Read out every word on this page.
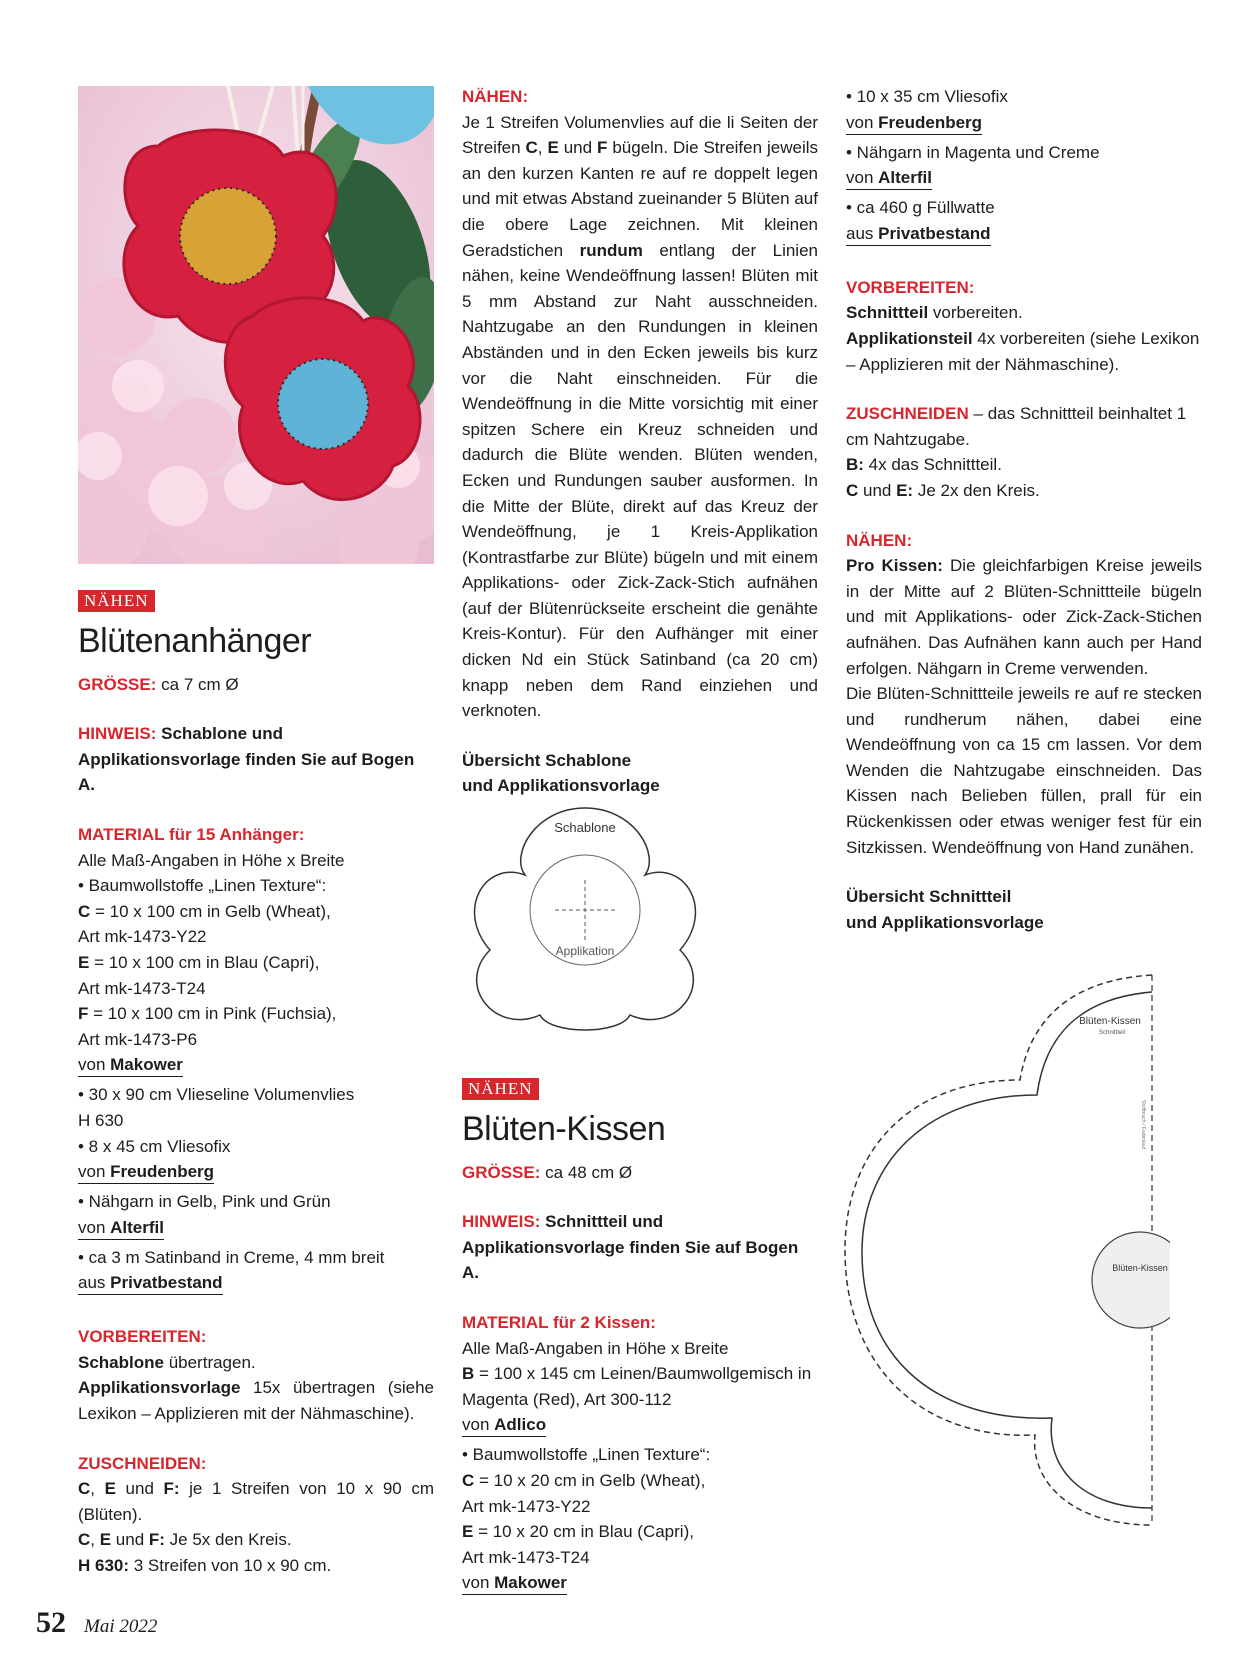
NÄHEN
Blütenanhänger

GRÖSSE: ca 7 cm Ø

HINWEIS: Schablone und Applikationsvorlage finden Sie auf Bogen A.

MATERIAL für 15 Anhänger:

Alle Maß-Angaben in Höhe x Breite

• Baumwollstoffe „Linen Texture“:

C = 10 x 100 cm in Gelb (Wheat),

Art mk-1473-Y22

E = 10 x 100 cm in Blau (Capri),

Art mk-1473-T24

F = 10 x 100 cm in Pink (Fuchsia),

Art mk-1473-P6

von Makower

• 30 x 90 cm Vlieseline Volumenvlies

H 630

• 8 x 45 cm Vliesofix

von Freudenberg

• Nähgarn in Gelb, Pink und Grün

von Alterfil

• ca 3 m Satinband in Creme, 4 mm breit

aus Privatbestand

VORBEREITEN:

Schablone übertragen.

Applikationsvorlage 15x übertragen (siehe Lexikon – Applizieren mit der Nähmaschine).

ZUSCHNEIDEN:

C, E und F: je 1 Streifen von 10 x 90 cm (Blüten).

C, E und F: Je 5x den Kreis.

H 630: 3 Streifen von 10 x 90 cm.

NÄHEN:

Je 1 Streifen Volumenvlies auf die li Seiten der Streifen C, E und F bügeln. Die Streifen jeweils an den kurzen Kanten re auf re doppelt legen und mit etwas Abstand zueinander 5 Blüten auf die obere Lage zeichnen. Mit kleinen Geradstichen rundum entlang der Linien nähen, keine Wendeöffnung lassen! Blüten mit 5 mm Abstand zur Naht ausschneiden. Nahtzugabe an den Rundungen in kleinen Abständen und in den Ecken jeweils bis kurz vor die Naht einschneiden. Für die Wendeöffnung in die Mitte vorsichtig mit einer spitzen Schere ein Kreuz schneiden und dadurch die Blüte wenden. Blüten wenden, Ecken und Rundungen sauber ausformen. In die Mitte der Blüte, direkt auf das Kreuz der Wendeöffnung, je 1 Kreis-Applikation (Kontrastfarbe zur Blüte) bügeln und mit einem Applikations- oder Zick-Zack-Stich aufnähen (auf der Blütenrückseite erscheint die genähte Kreis-Kontur). Für den Aufhänger mit einer dicken Nd ein Stück Satinband (ca 20 cm) knapp neben dem Rand einziehen und verknoten.

Übersicht Schablone

und Applikationsvorlage

Schablone
Applikation
NÄHEN
Blüten-Kissen

GRÖSSE: ca 48 cm Ø

HINWEIS: Schnittteil und Applikationsvorlage finden Sie auf Bogen A.

MATERIAL für 2 Kissen:

Alle Maß-Angaben in Höhe x Breite

B = 100 x 145 cm Leinen/Baumwollgemisch in Magenta (Red), Art 300-112

von Adlico

• Baumwollstoffe „Linen Texture“:

C = 10 x 20 cm in Gelb (Wheat),

Art mk-1473-Y22

E = 10 x 20 cm in Blau (Capri),

Art mk-1473-T24

von Makower

• 10 x 35 cm Vliesofix

von Freudenberg

• Nähgarn in Magenta und Creme

von Alterfil

• ca 460 g Füllwatte

aus Privatbestand

VORBEREITEN:

Schnittteil vorbereiten.

Applikationsteil 4x vorbereiten (siehe Lexikon – Applizieren mit der Nähmaschine).

ZUSCHNEIDEN – das Schnittteil beinhaltet 1 cm Nahtzugabe.

B: 4x das Schnittteil.

C und E: Je 2x den Kreis.

NÄHEN:

Pro Kissen: Die gleichfarbigen Kreise jeweils in der Mitte auf 2 Blüten-Schnittteile bügeln und mit Applikations- oder Zick-Zack-Stichen aufnähen. Das Aufnähen kann auch per Hand erfolgen. Nähgarn in Creme verwenden.

Die Blüten-Schnittteile jeweils re auf re stecken und rundherum nähen, dabei eine Wendeöffnung von ca 15 cm lassen. Vor dem Wenden die Nahtzugabe einschneiden. Das Kissen nach Belieben füllen, prall für ein Rückenkissen oder etwas weniger fest für ein Sitzkissen. Wendeöffnung von Hand zunähen.

Übersicht Schnittteil

und Applikationsvorlage

Blüten-Kissen
Schnittteil
Stoffbruch / Fadenlauf
Blüten-Kissen
52 Mai 2022
